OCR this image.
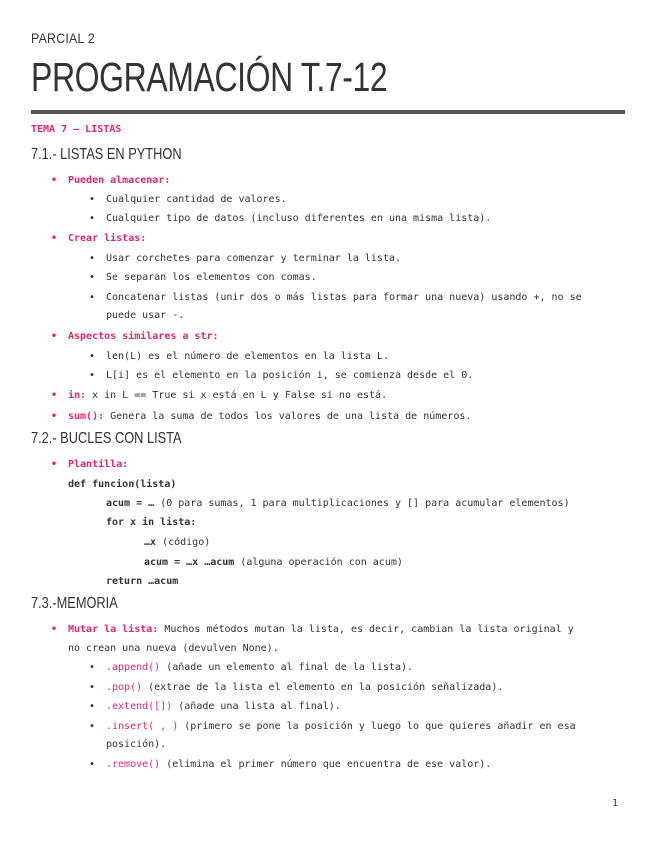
PARCIAL 2
PROGRAMACIÓN T.7-12
TEMA 7 – LISTAS
7.1.- LISTAS EN PYTHON
• Pueden almacenar:
• Cualquier cantidad de valores.
• Cualquier tipo de datos (incluso diferentes en una misma lista).
• Crear listas:
• Usar corchetes para comenzar y terminar la lista.
• Se separan los elementos con comas.
• Concatenar listas (unir dos o más listas para formar una nueva) usando +, no se
puede usar -.
• Aspectos similares a str:
• len(L) es el número de elementos en la lista L.
• L[i] es el elemento en la posición i, se comienza desde el 0.
• in: x in L == True si x está en L y False si no está.
• sum(): Genera la suma de todos los valores de una lista de números.
7.2.- BUCLES CON LISTA
• Plantilla:
def funcion(lista)
acum = … (0 para sumas, 1 para multiplicaciones y [] para acumular elementos)
for x in lista:
…x (código)
acum = …x …acum (alguna operación con acum)
return …acum
7.3.-MEMORIA
• Mutar la lista: Muchos métodos mutan la lista, es decir, cambian la lista original y
no crean una nueva (devulven None).
• .append() (añade un elemento al final de la lista).
• .pop() (extrae de la lista el elemento en la posición señalizada).
• .extend([]) (añade una lista al final).
• .insert( , ) (primero se pone la posición y luego lo que quieres añadir en esa
posición).
• .remove() (elimina el primer número que encuentra de ese valor).
1
